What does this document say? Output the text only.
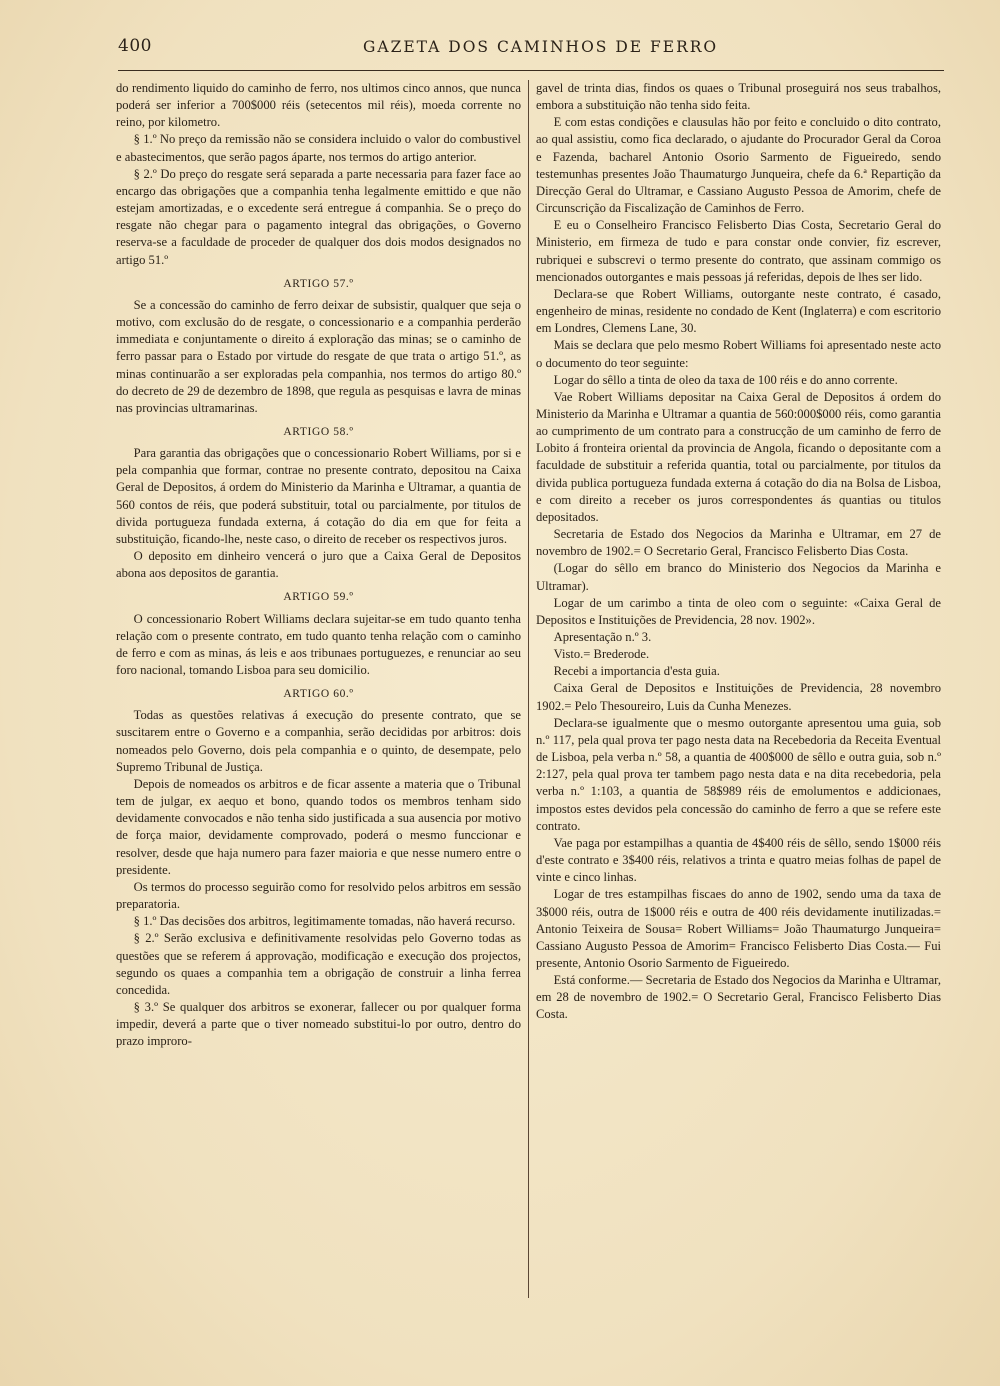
400	GAZETA DOS CAMINHOS DE FERRO

do rendimento liquido do caminho de ferro, nos ultimos cinco annos, que nunca poderá ser inferior a 700$000 réis (setecentos mil réis), moeda corrente no reino, por kilometro.

§ 1.º No preço da remissão não se considera incluido o valor do combustivel e abastecimentos, que serão pagos áparte, nos termos do artigo anterior.

§ 2.º Do preço do resgate será separada a parte necessaria para fazer face ao encargo das obrigações que a companhia tenha legalmente emittido e que não estejam amortizadas, e o excedente será entregue á companhia. Se o preço do resgate não chegar para o pagamento integral das obrigações, o Governo reserva-se a faculdade de proceder de qualquer dos dois modos designados no artigo 51.º

ARTIGO 57.º

Se a concessão do caminho de ferro deixar de subsistir, qualquer que seja o motivo, com exclusão do de resgate, o concessionario e a companhia perderão immediata e conjuntamente o direito á exploração das minas; se o caminho de ferro passar para o Estado por virtude do resgate de que trata o artigo 51.º, as minas continuarão a ser exploradas pela companhia, nos termos do artigo 80.º do decreto de 29 de dezembro de 1898, que regula as pesquisas e lavra de minas nas provincias ultramarinas.

ARTIGO 58.º

Para garantia das obrigações que o concessionario Robert Williams, por si e pela companhia que formar, contrae no presente contrato, depositou na Caixa Geral de Depositos, á ordem do Ministerio da Marinha e Ultramar, a quantia de 560 contos de réis, que poderá substituir, total ou parcialmente, por titulos de divida portugueza fundada externa, á cotação do dia em que for feita a substituição, ficando-lhe, neste caso, o direito de receber os respectivos juros.

O deposito em dinheiro vencerá o juro que a Caixa Geral de Depositos abona aos depositos de garantia.

ARTIGO 59.º

O concessionario Robert Williams declara sujeitar-se em tudo quanto tenha relação com o presente contrato, em tudo quanto tenha relação com o caminho de ferro e com as minas, ás leis e aos tribunaes portuguezes, e renunciar ao seu foro nacional, tomando Lisboa para seu domicilio.

ARTIGO 60.º

Todas as questões relativas á execução do presente contrato, que se suscitarem entre o Governo e a companhia, serão decididas por arbitros: dois nomeados pelo Governo, dois pela companhia e o quinto, de desempate, pelo Supremo Tribunal de Justiça.

Depois de nomeados os arbitros e de ficar assente a materia que o Tribunal tem de julgar, ex aequo et bono, quando todos os membros tenham sido devidamente convocados e não tenha sido justificada a sua ausencia por motivo de força maior, devidamente comprovado, poderá o mesmo funccionar e resolver, desde que haja numero para fazer maioria e que nesse numero entre o presidente.

Os termos do processo seguirão como for resolvido pelos arbitros em sessão preparatoria.

§ 1.º Das decisões dos arbitros, legitimamente tomadas, não haverá recurso.

§ 2.º Serão exclusiva e definitivamente resolvidas pelo Governo todas as questões que se referem á approvação, modificação e execução dos projectos, segundo os quaes a companhia tem a obrigação de construir a linha ferrea concedida.

§ 3.º Se qualquer dos arbitros se exonerar, fallecer ou por qualquer forma impedir, deverá a parte que o tiver nomeado substitui-lo por outro, dentro do prazo improro-

gavel de trinta dias, findos os quaes o Tribunal proseguirá nos seus trabalhos, embora a substituição não tenha sido feita.

E com estas condições e clausulas hão por feito e concluido o dito contrato, ao qual assistiu, como fica declarado, o ajudante do Procurador Geral da Coroa e Fazenda, bacharel Antonio Osorio Sarmento de Figueiredo, sendo testemunhas presentes João Thaumaturgo Junqueira, chefe da 6.ª Repartição da Direcção Geral do Ultramar, e Cassiano Augusto Pessoa de Amorim, chefe de Circunscrição da Fiscalização de Caminhos de Ferro.

E eu o Conselheiro Francisco Felisberto Dias Costa, Secretario Geral do Ministerio, em firmeza de tudo e para constar onde convier, fiz escrever, rubriquei e subscrevi o termo presente do contrato, que assinam commigo os mencionados outorgantes e mais pessoas já referidas, depois de lhes ser lido.

Declara-se que Robert Williams, outorgante neste contrato, é casado, engenheiro de minas, residente no condado de Kent (Inglaterra) e com escritorio em Londres, Clemens Lane, 30.

Mais se declara que pelo mesmo Robert Williams foi apresentado neste acto o documento do teor seguinte:

Logar do sêllo a tinta de oleo da taxa de 100 réis e do anno corrente.

Vae Robert Williams depositar na Caixa Geral de Depositos á ordem do Ministerio da Marinha e Ultramar a quantia de 560:000$000 réis, como garantia ao cumprimento de um contrato para a construcção de um caminho de ferro de Lobito á fronteira oriental da provincia de Angola, ficando o depositante com a faculdade de substituir a referida quantia, total ou parcialmente, por titulos da divida publica portugueza fundada externa á cotação do dia na Bolsa de Lisboa, e com direito a receber os juros correspondentes ás quantias ou titulos depositados.

Secretaria de Estado dos Negocios da Marinha e Ultramar, em 27 de novembro de 1902.= O Secretario Geral, Francisco Felisberto Dias Costa.

(Logar do sêllo em branco do Ministerio dos Negocios da Marinha e Ultramar).

Logar de um carimbo a tinta de oleo com o seguinte: «Caixa Geral de Depositos e Instituições de Previdencia, 28 nov. 1902».

Apresentação n.º 3.

Visto.= Brederode.

Recebi a importancia d'esta guia.

Caixa Geral de Depositos e Instituições de Previdencia, 28 novembro 1902.= Pelo Thesoureiro, Luis da Cunha Menezes.

Declara-se igualmente que o mesmo outorgante apresentou uma guia, sob n.º 117, pela qual prova ter pago nesta data na Recebedoria da Receita Eventual de Lisboa, pela verba n.º 58, a quantia de 400$000 de sêllo e outra guia, sob n.º 2:127, pela qual prova ter tambem pago nesta data e na dita recebedoria, pela verba n.º 1:103, a quantia de 58$989 réis de emolumentos e addicionaes, impostos estes devidos pela concessão do caminho de ferro a que se refere este contrato.

Vae paga por estampilhas a quantia de 4$400 réis de sêllo, sendo 1$000 réis d'este contrato e 3$400 réis, relativos a trinta e quatro meias folhas de papel de vinte e cinco linhas.

Logar de tres estampilhas fiscaes do anno de 1902, sendo uma da taxa de 3$000 réis, outra de 1$000 réis e outra de 400 réis devidamente inutilizadas.= Antonio Teixeira de Sousa= Robert Williams= João Thaumaturgo Junqueira= Cassiano Augusto Pessoa de Amorim= Francisco Felisberto Dias Costa.— Fui presente, Antonio Osorio Sarmento de Figueiredo.

Está conforme.— Secretaria de Estado dos Negocios da Marinha e Ultramar, em 28 de novembro de 1902.= O Secretario Geral, Francisco Felisberto Dias Costa.
